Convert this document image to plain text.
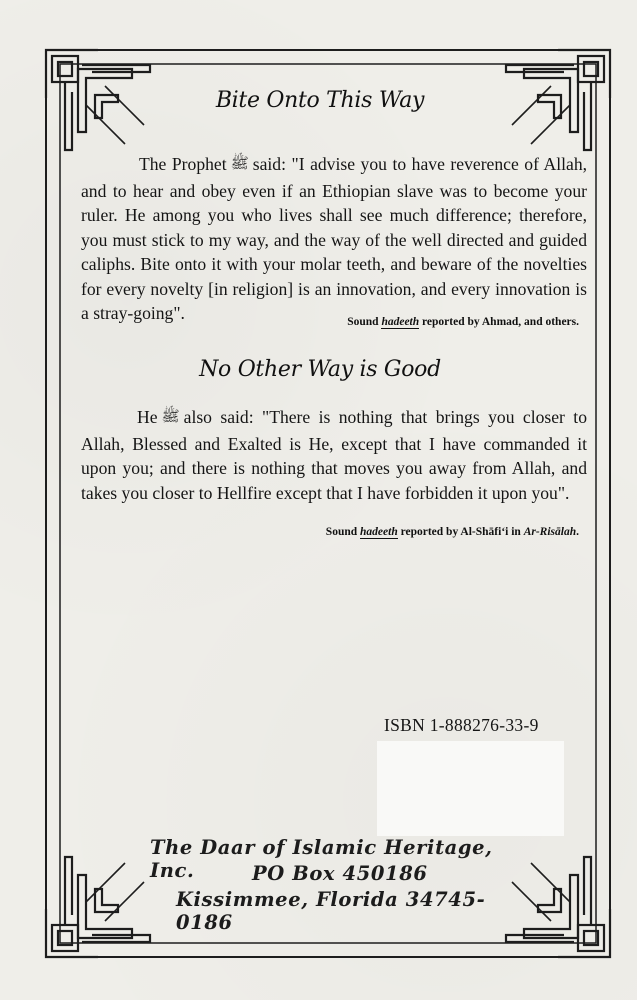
Bite Onto This Way
The Prophet ﷺ said: "I advise you to have reverence of Allah, and to hear and obey even if an Ethiopian slave was to become your ruler. He among you who lives shall see much difference; therefore, you must stick to my way, and the way of the well directed and guided caliphs. Bite onto it with your molar teeth, and beware of the novelties for every novelty [in religion] is an innovation, and every innovation is a stray-going".	Sound hadeeth reported by Ahmad, and others.
No Other Way is Good
He ﷺ also said: "There is nothing that brings you closer to Allah, Blessed and Exalted is He, except that I have commanded it upon you; and there is nothing that moves you away from Allah, and takes you closer to Hellfire except that I have forbidden it upon you".
Sound hadeeth reported by Al-Shāfi‘i in Ar-Risālah.
ISBN 1-888276-33-9
The Daar of Islamic Heritage, Inc.	PO Box 450186
Kissimmee, Florida 34745-0186
